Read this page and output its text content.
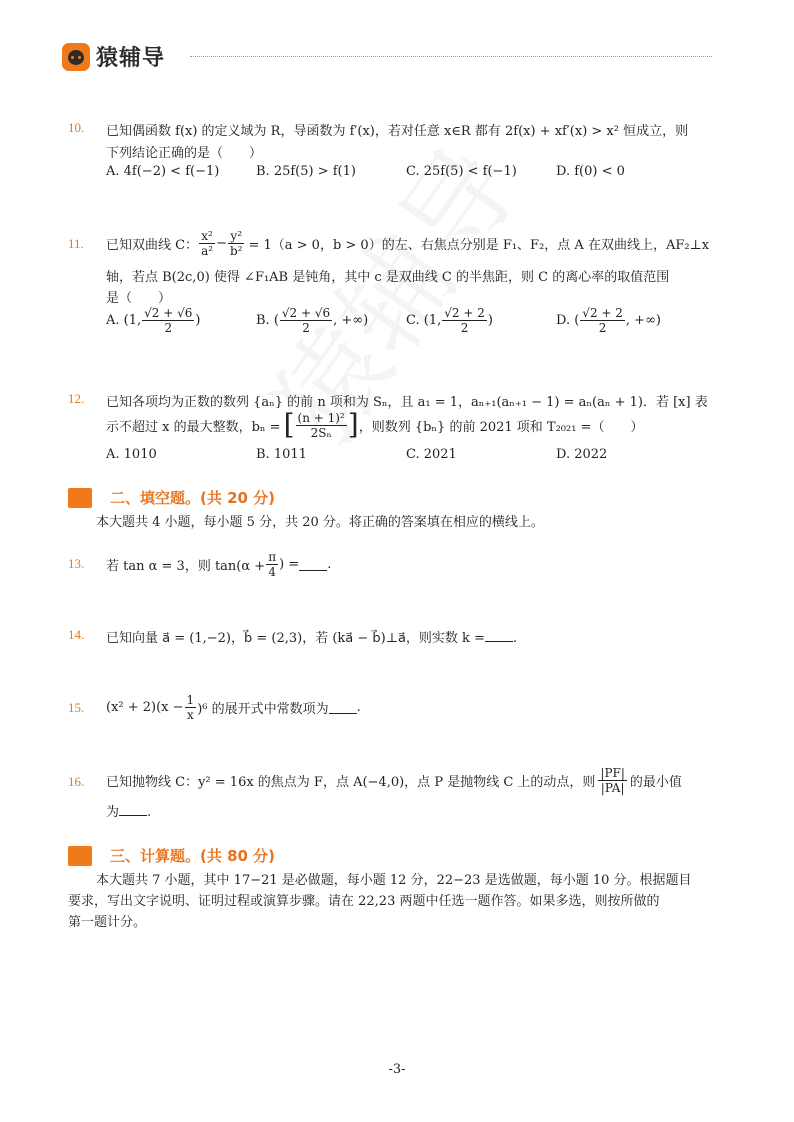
猿辅导
10. 已知偶函数 f(x) 的定义域为 R，导函数为 f′(x)，若对任意 x∈R 都有 2f(x) + xf′(x) > x² 恒成立，则
下列结论正确的是（　　）
A. 4f(−2) < f(−1)	B. 25f(5) > f(1)	C. 25f(5) < f(−1)	D. f(0) < 0
11. 已知双曲线 C： $\frac{\text{x²}}{\text{a²}} - \frac{\text{y²}}{\text{b²}} = 1(a > 0$，b > 0）的左、右焦点分别是 F₁、F₂，点 A 在双曲线上，AF₂⊥x
轴，若点 B(2c,0) 使得 ∠F₁AB 是钝角，其中 c 是双曲线 C 的半焦距，则 C 的离心率的取值范围
是（　　）
A. (1, $\frac{√2 + √6}{2}$ )	B. ( $\frac{√2 + √6}{2}$ , +∞)	C. (1, $\frac{√2 + 2}{2}$ )	D. ( $\frac{√2 + 2}{2}$ , +∞)
12. 已知各项均为正数的数列 {aₙ} 的前 n 项和为 Sₙ，且 a₁ = 1，aₙ₊₁(aₙ₊₁ − 1) = aₙ(aₙ + 1)．若 [x] 表
示不超过 x 的最大整数，bₙ = [ $\frac{\text{(n + 1)²}}{\text{2Sₙ}}$ ] ，则数列 {bₙ} 的前 2021 项和 T₂₀₂₁ =（　　）
A. 1010	B. 1011	C. 2021	D. 2022
二、填空题。(共 20 分)
本大题共 4 小题，每小题 5 分，共 20 分。将正确的答案填在相应的横线上。
13. 若 tan α = 3，则 $\tan(\alpha + \frac{\pi}{4}$ ) = .
14. 已知向量 a⃗ = (1,−2)，b⃗ = (2,3)，若 (ka⃗ − b⃗)⊥a⃗，则实数 k = .
15. $(x^2 + 2)(x - \frac{1}{x} )^6$ 的展开式中常数项为 .
16. 已知抛物线 C：y² = 16x 的焦点为 F，点 A(−4,0)，点 P 是抛物线 C 上的动点，则 $\frac{|PF|}{|PA|}$ 的最小值
为 .
三、计算题。(共 80 分)
本大题共 7 小题，其中 17−21 是必做题，每小题 12 分，22−23 是选做题，每小题 10 分。根据题目
要求，写出文字说明、证明过程或演算步骤。请在 22,23 两题中任选一题作答。如果多选，则按所做的
第一题计分。
-3-
